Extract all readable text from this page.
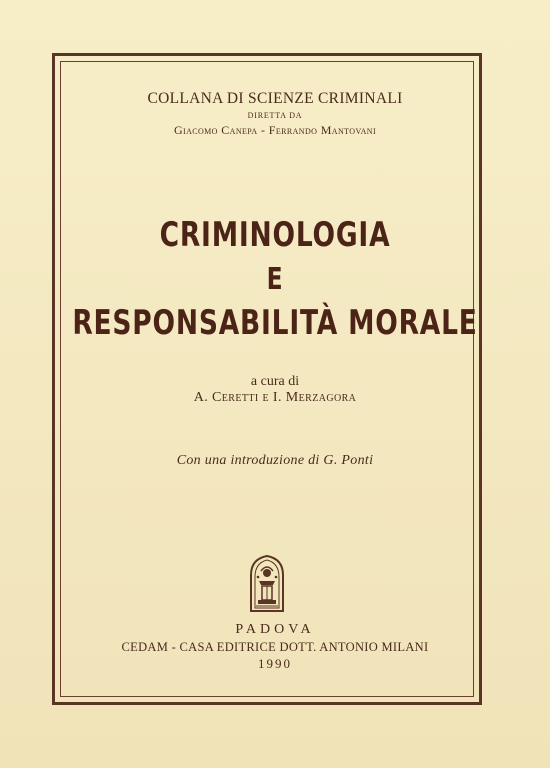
COLLANA DI SCIENZE CRIMINALI
DIRETTA DA
Giacomo Canepa - Ferrando Mantovani
CRIMINOLOGIA
E
RESPONSABILITÀ MORALE
a cura di
A. Ceretti e I. Merzagora
Con una introduzione di G. Ponti
PADOVA
CEDAM - CASA EDITRICE DOTT. ANTONIO MILANI
1990
